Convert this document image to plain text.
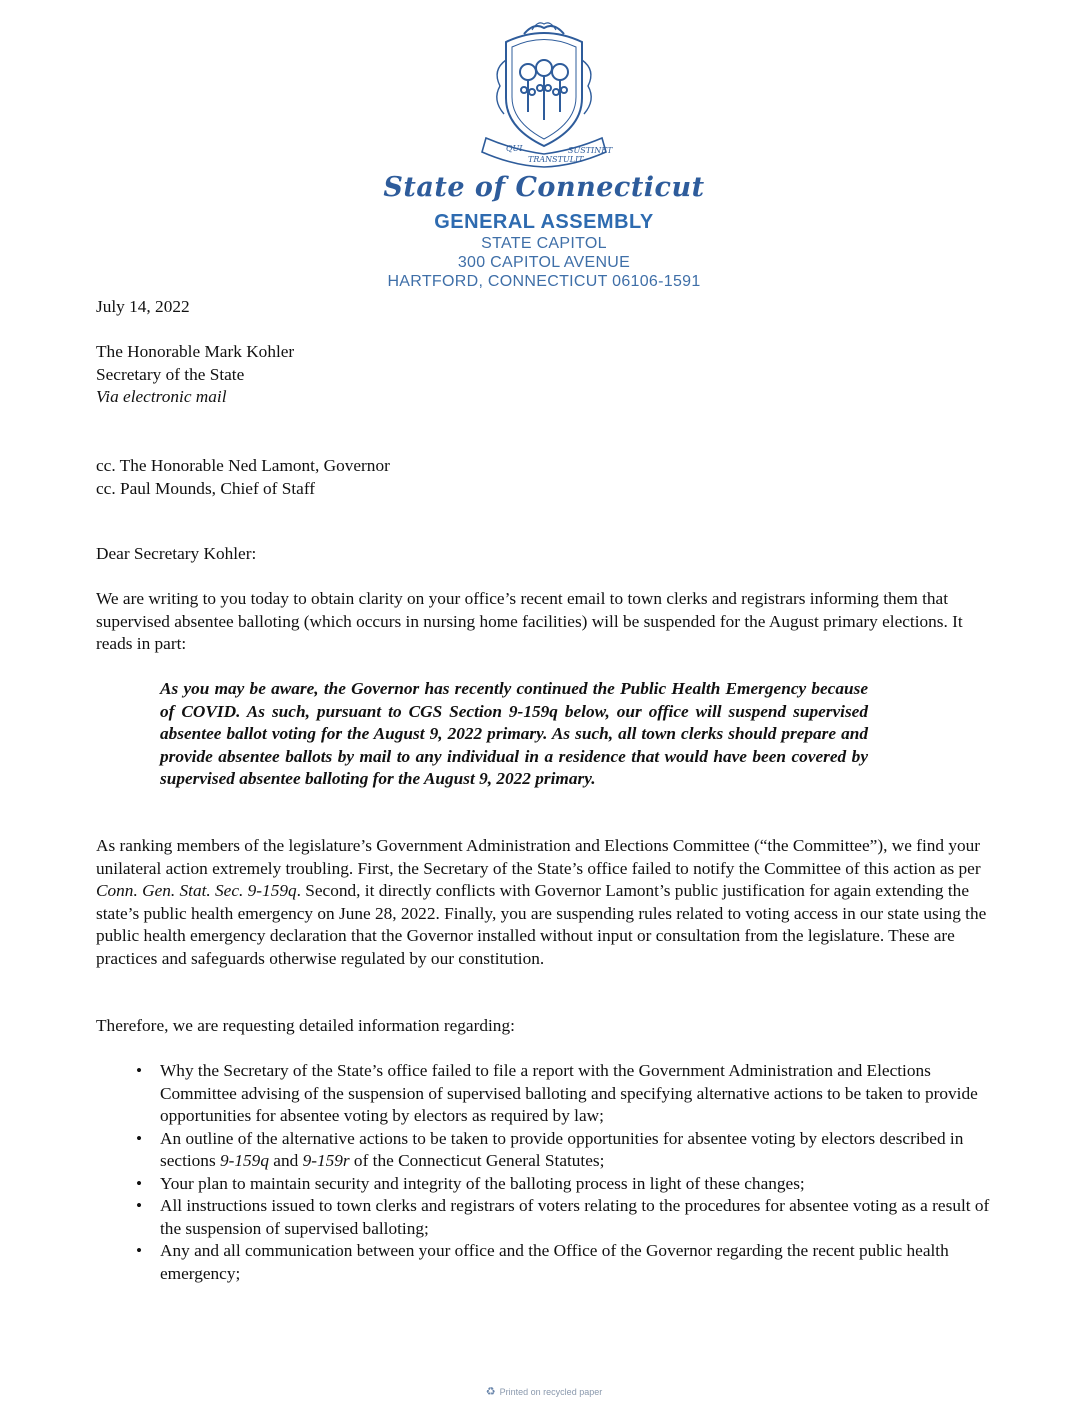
QUI
TRANSTULIT
SUSTINET
State of Connecticut
GENERAL ASSEMBLY
STATE CAPITOL
300 CAPITOL AVENUE
HARTFORD, CONNECTICUT 06106-1591

July 14, 2022

The Honorable Mark Kohler
Secretary of the State
Via electronic mail
cc. The Honorable Ned Lamont, Governor
cc. Paul Mounds, Chief of Staff

Dear Secretary Kohler:

We are writing to you today to obtain clarity on your office’s recent email to town clerks and registrars informing them that supervised absentee balloting (which occurs in nursing home facilities) will be suspended for the August primary elections. It reads in part:

As you may be aware, the Governor has recently continued the Public Health Emergency because of COVID. As such, pursuant to CGS Section 9-159q below, our office will suspend supervised absentee ballot voting for the August 9, 2022 primary. As such, all town clerks should prepare and provide absentee ballots by mail to any individual in a residence that would have been covered by supervised absentee balloting for the August 9, 2022 primary.

As ranking members of the legislature’s Government Administration and Elections Committee (“the Committee”), we find your unilateral action extremely troubling. First, the Secretary of the State’s office failed to notify the Committee of this action as per Conn. Gen. Stat. Sec. 9-159q. Second, it directly conflicts with Governor Lamont’s public justification for again extending the state’s public health emergency on June 28, 2022. Finally, you are suspending rules related to voting access in our state using the public health emergency declaration that the Governor installed without input or consultation from the legislature. These are practices and safeguards otherwise regulated by our constitution.

Therefore, we are requesting detailed information regarding:

• Why the Secretary of the State’s office failed to file a report with the Government Administration and Elections Committee advising of the suspension of supervised balloting and specifying alternative actions to be taken to provide opportunities for absentee voting by electors as required by law;
• An outline of the alternative actions to be taken to provide opportunities for absentee voting by electors described in sections 9-159q and 9-159r of the Connecticut General Statutes;
• Your plan to maintain security and integrity of the balloting process in light of these changes;
• All instructions issued to town clerks and registrars of voters relating to the procedures for absentee voting as a result of the suspension of supervised balloting;
• Any and all communication between your office and the Office of the Governor regarding the recent public health emergency;
♻ Printed on recycled paper
